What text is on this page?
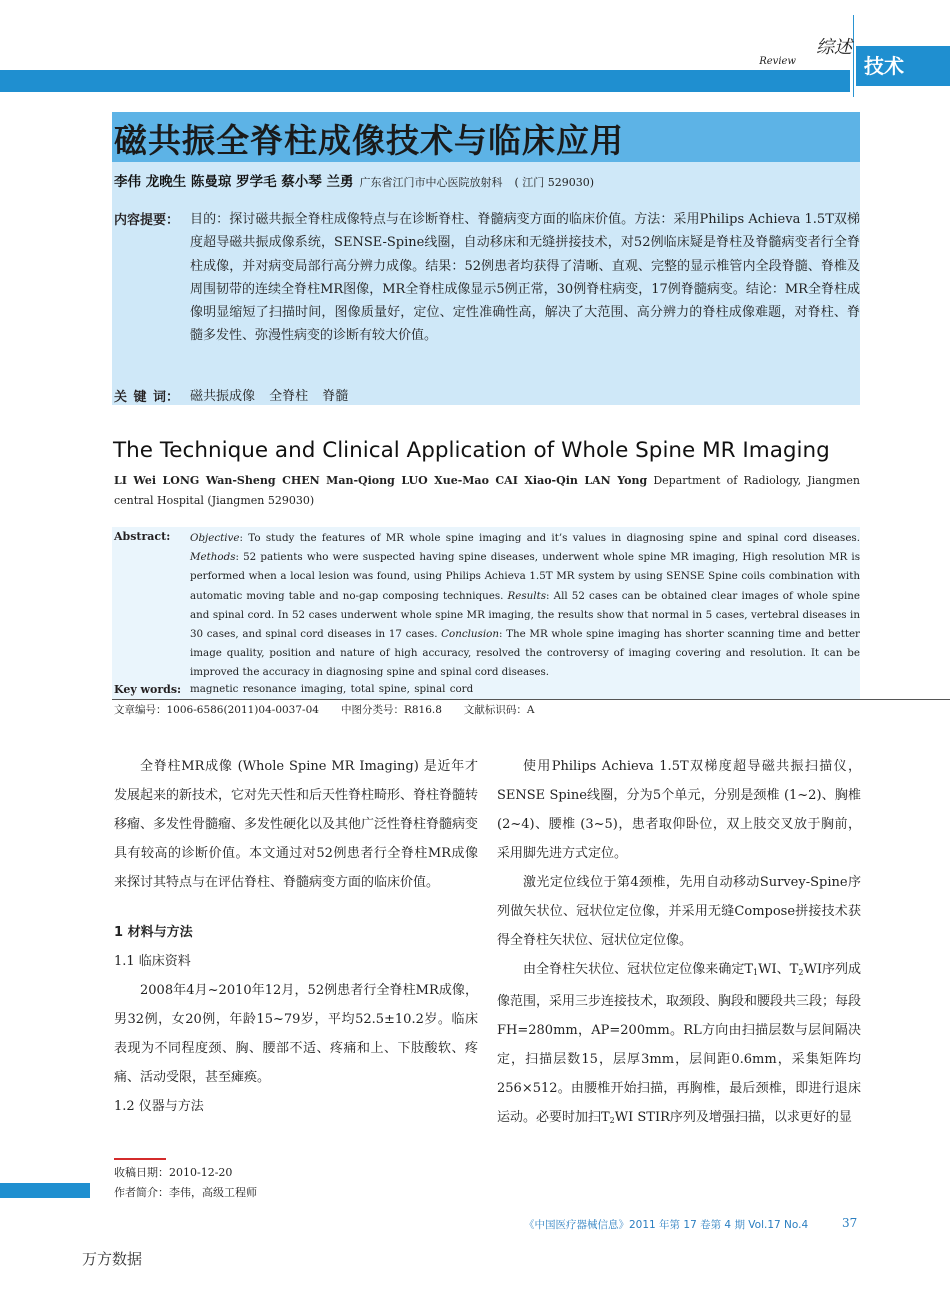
综述
Review	技术
磁共振全脊柱成像技术与临床应用
李伟 龙晚生 陈曼琼 罗学毛 蔡小琴 兰勇 广东省江门市中心医院放射科 ( 江门 529030)
内容提要： 目的：探讨磁共振全脊柱成像特点与在诊断脊柱、脊髓病变方面的临床价值。方法：采用Philips Achieva 1.5T双梯度超导磁共振成像系统，SENSE-Spine线圈，自动移床和无缝拼接技术，对52例临床疑是脊柱及脊髓病变者行全脊柱成像，并对病变局部行高分辨力成像。结果：52例患者均获得了清晰、直观、完整的显示椎管内全段脊髓、脊椎及周围韧带的连续全脊柱MR图像，MR全脊柱成像显示5例正常，30例脊柱病变，17例脊髓病变。结论：MR全脊柱成像明显缩短了扫描时间，图像质量好，定位、定性准确性高，解决了大范围、高分辨力的脊柱成像难题，对脊柱、脊髓多发性、弥漫性病变的诊断有较大价值。
关 键 词： 磁共振成像 全脊柱 脊髓
The Technique and Clinical Application of Whole Spine MR Imaging
LI Wei LONG Wan-Sheng CHEN Man-Qiong LUO Xue-Mao CAI Xiao-Qin LAN Yong Department of Radiology, Jiangmen central Hospital (Jiangmen 529030)
Abstract: Objective: To study the features of MR whole spine imaging and it’s values in diagnosing spine and spinal cord diseases. Methods: 52 patients who were suspected having spine diseases, underwent whole spine MR imaging, High resolution MR is performed when a local lesion was found, using Philips Achieva 1.5T MR system by using SENSE Spine coils combination with automatic moving table and no-gap composing techniques. Results: All 52 cases can be obtained clear images of whole spine and spinal cord. In 52 cases underwent whole spine MR imaging, the results show that normal in 5 cases, vertebral diseases in 30 cases, and spinal cord diseases in 17 cases. Conclusion: The MR whole spine imaging has shorter scanning time and better image quality, position and nature of high accuracy, resolved the controversy of imaging covering and resolution. It can be improved the accuracy in diagnosing spine and spinal cord diseases.
Key words: magnetic resonance imaging, total spine, spinal cord
文章编号：1006-6586(2011)04-0037-04 中图分类号：R816.8 文献标识码：A

全脊柱MR成像 (Whole Spine MR Imaging) 是近年才发展起来的新技术，它对先天性和后天性脊柱畸形、脊柱脊髓转移瘤、多发性骨髓瘤、多发性硬化以及其他广泛性脊柱脊髓病变具有较高的诊断价值。本文通过对52例患者行全脊柱MR成像来探讨其特点与在评估脊柱、脊髓病变方面的临床价值。

1 材料与方法

1.1 临床资料

2008年4月~2010年12月，52例患者行全脊柱MR成像，男32例，女20例，年龄15~79岁，平均52.5±10.2岁。临床表现为不同程度颈、胸、腰部不适、疼痛和上、下肢酸软、疼痛、活动受限，甚至瘫痪。

1.2 仪器与方法

使用Philips Achieva 1.5T双梯度超导磁共振扫描仪，SENSE Spine线圈，分为5个单元，分别是颈椎 (1~2)、胸椎 (2~4)、腰椎 (3~5)，患者取仰卧位，双上肢交叉放于胸前，采用脚先进方式定位。

激光定位线位于第4颈椎，先用自动移动Survey-Spine序列做矢状位、冠状位定位像，并采用无缝Compose拼接技术获得全脊柱矢状位、冠状位定位像。

由全脊柱矢状位、冠状位定位像来确定$T_1WI$、$T_2WI$序列成像范围，采用三步连接技术，取颈段、胸段和腰段共三段；每段FH=280mm，AP=200mm。RL方向由扫描层数与层间隔决定，扫描层数15，层厚3mm，层间距0.6mm，采集矩阵均256×512。由腰椎开始扫描，再胸椎，最后颈椎，即进行退床运动。必要时加扫$T_2WI$ STIR序列及增强扫描，以求更好的显

收稿日期：2010-12-20
作者简介：李伟，高级工程师
《中国医疗器械信息》2011 年第 17 卷第 4 期 Vol.17 No.4	37
万方数据
